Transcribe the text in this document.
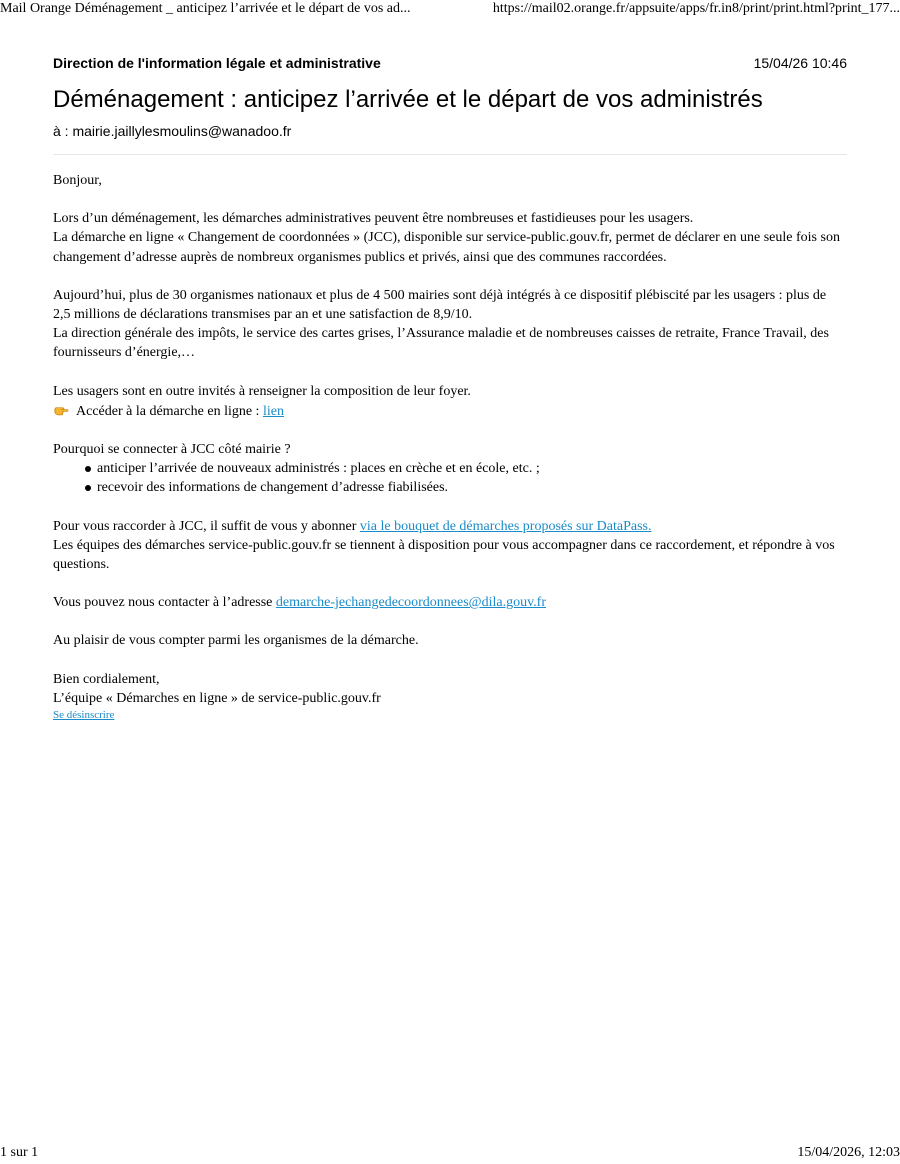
Mail Orange Déménagement _ anticipez l’arrivée et le départ de vos ad...	https://mail02.orange.fr/appsuite/apps/fr.in8/print/print.html?print_177...
Direction de l'information légale et administrative	15/04/26 10:46
Déménagement : anticipez l’arrivée et le départ de vos administrés
à : mairie.jaillylesmoulins@wanadoo.fr

Bonjour,

Lors d’un déménagement, les démarches administratives peuvent être nombreuses et fastidieuses pour les usagers.

La démarche en ligne « Changement de coordonnées » (JCC), disponible sur service-public.gouv.fr, permet de déclarer en une seule fois son changement d’adresse auprès de nombreux organismes publics et privés, ainsi que des communes raccordées.

Aujourd’hui, plus de 30 organismes nationaux et plus de 4 500 mairies sont déjà intégrés à ce dispositif plébiscité par les usagers : plus de 2,5 millions de déclarations transmises par an et une satisfaction de 8,9/10.

La direction générale des impôts, le service des cartes grises, l’Assurance maladie et de nombreuses caisses de retraite, France Travail, des fournisseurs d’énergie,…

Les usagers sont en outre invités à renseigner la composition de leur foyer.

Accéder à la démarche en ligne : lien

Pourquoi se connecter à JCC côté mairie ?

anticiper l’arrivée de nouveaux administrés : places en crèche et en école, etc. ;
recevoir des informations de changement d’adresse fiabilisées.

Pour vous raccorder à JCC, il suffit de vous y abonner via le bouquet de démarches proposés sur DataPass.

Les équipes des démarches service-public.gouv.fr se tiennent à disposition pour vous accompagner dans ce raccordement, et répondre à vos questions.

Vous pouvez nous contacter à l’adresse demarche-jechangedecoordonnees@dila.gouv.fr

Au plaisir de vous compter parmi les organismes de la démarche.

Bien cordialement,

L’équipe « Démarches en ligne » de service-public.gouv.fr

Se désinscrire

1 sur 1	15/04/2026, 12:03
